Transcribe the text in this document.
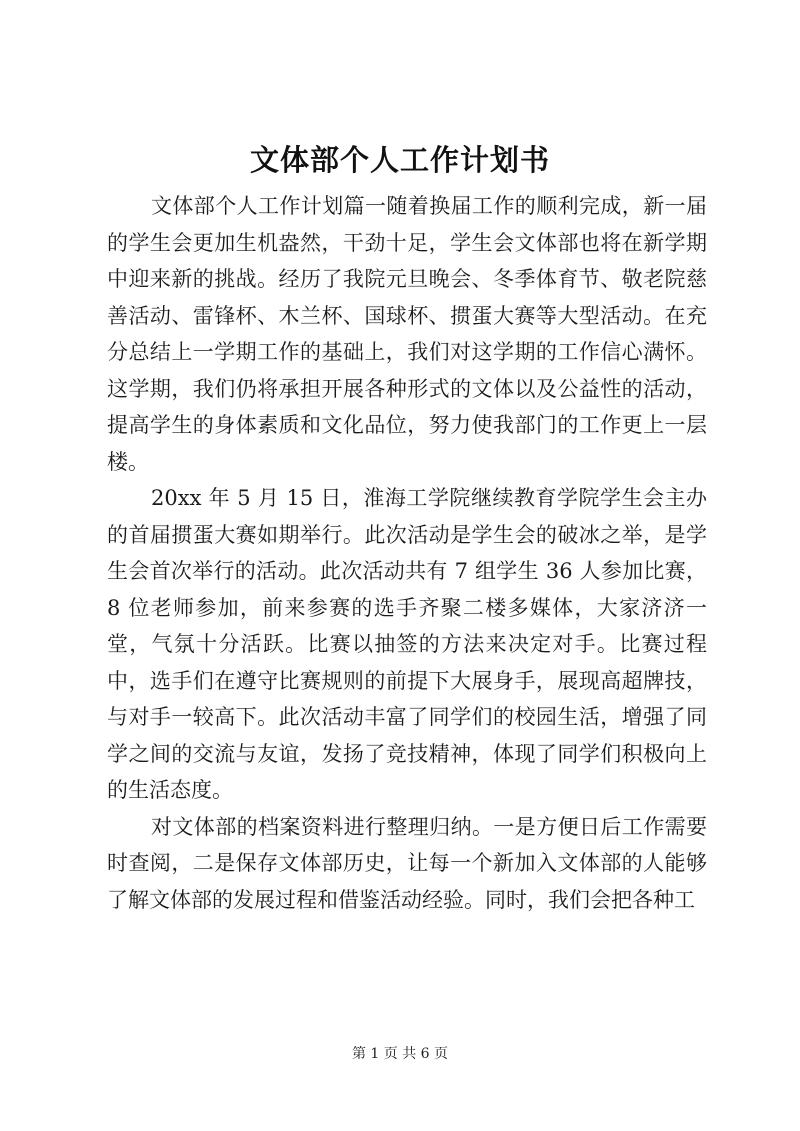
文体部个人工作计划书

文体部个人工作计划篇一随着换届工作的顺利完成，新一届的学生会更加生机盎然，干劲十足，学生会文体部也将在新学期中迎来新的挑战。经历了我院元旦晚会、冬季体育节、敬老院慈善活动、雷锋杯、木兰杯、国球杯、掼蛋大赛等大型活动。在充分总结上一学期工作的基础上，我们对这学期的工作信心满怀。这学期，我们仍将承担开展各种形式的文体以及公益性的活动，提高学生的身体素质和文化品位，努力使我部门的工作更上一层楼。

20xx 年 5 月 15 日，淮海工学院继续教育学院学生会主办的首届掼蛋大赛如期举行。此次活动是学生会的破冰之举，是学生会首次举行的活动。此次活动共有 7 组学生 36 人参加比赛，8 位老师参加，前来参赛的选手齐聚二楼多媒体，大家济济一堂，气氛十分活跃。比赛以抽签的方法来决定对手。比赛过程中，选手们在遵守比赛规则的前提下大展身手，展现高超牌技，与对手一较高下。此次活动丰富了同学们的校园生活，增强了同学之间的交流与友谊，发扬了竞技精神，体现了同学们积极向上的生活态度。

对文体部的档案资料进行整理归纳。一是方便日后工作需要时查阅，二是保存文体部历史，让每一个新加入文体部的人能够了解文体部的发展过程和借鉴活动经验。同时，我们会把各种工

第 1 页 共 6 页
